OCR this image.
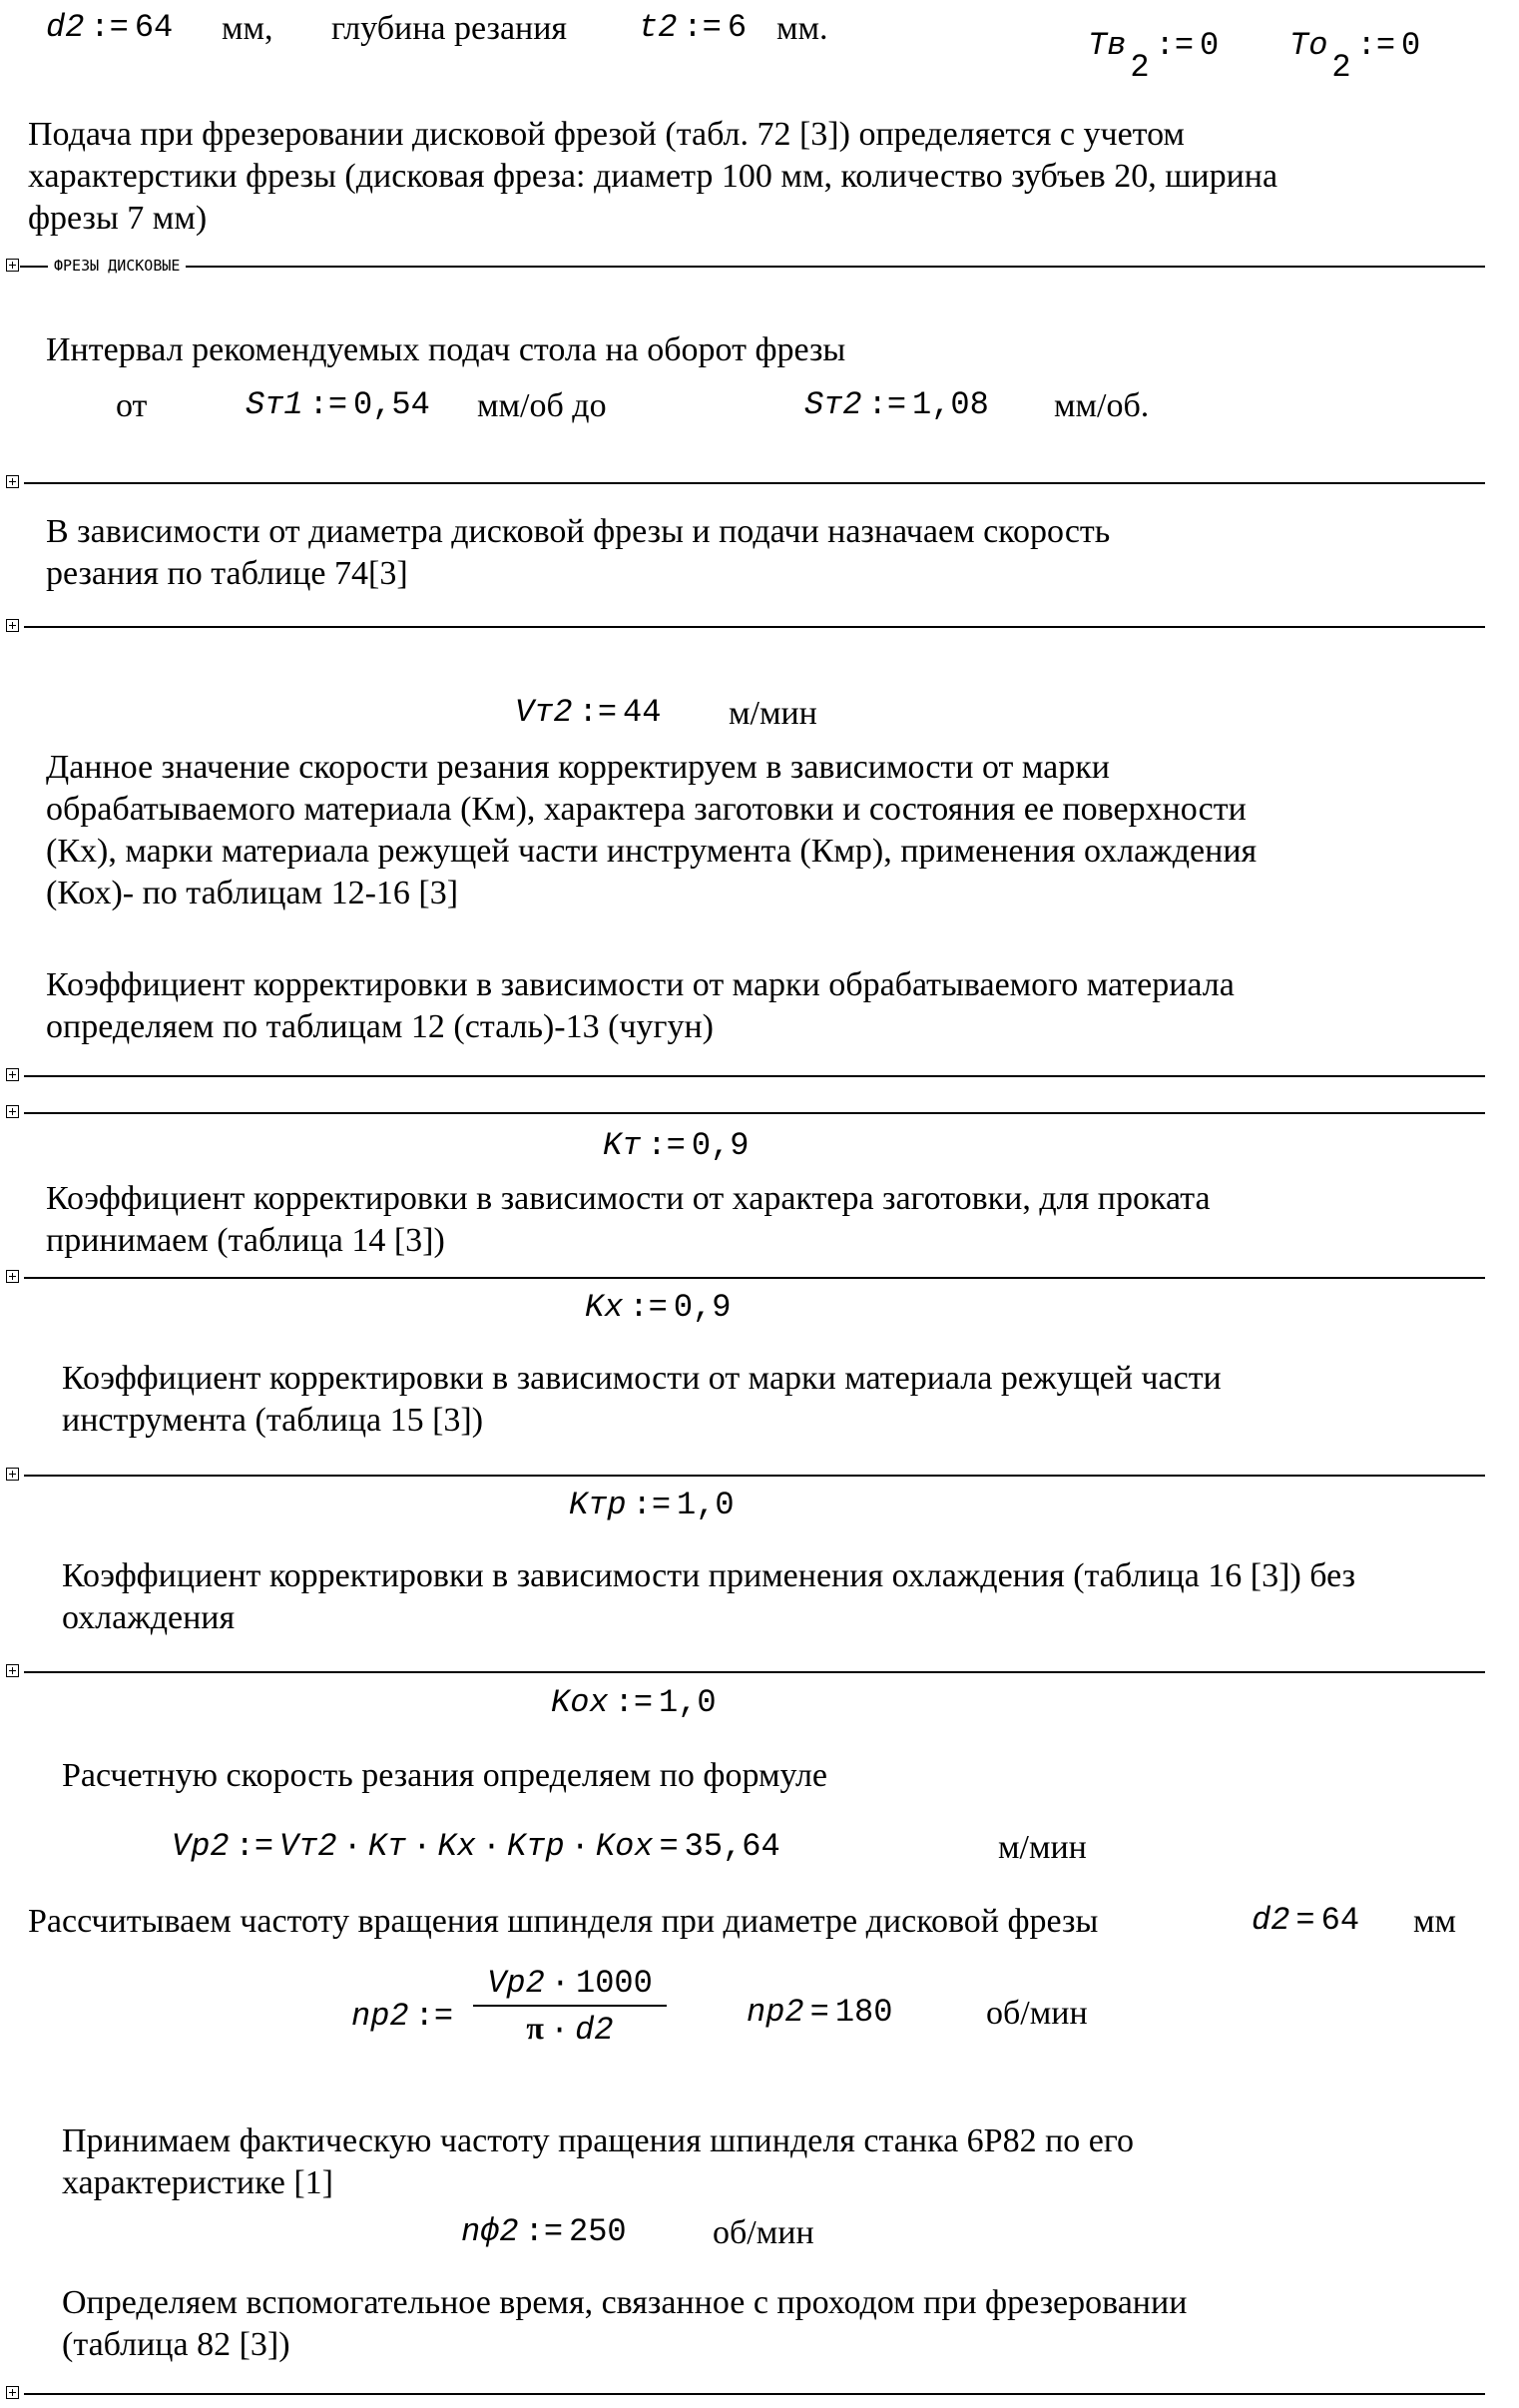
d2 := 64 мм, глубина резания t2 := 6 мм.	Tв2:= 0 To2:= 0
Подача при фрезеровании дисковой фрезой (табл. 72 [3]) определяется с учетом
характерстики фрезы (дисковая фреза: диаметр 100 мм, количество зубъев 20, ширина
фрезы 7 мм)
ФРЕЗЫ ДИСКОВЫЕ
Интервал рекомендуемых подач стола на оборот фрезы
от	Sт1 := 0,54 мм/об до	Sт2 := 1,08 мм/об.
В зависимости от диаметра дисковой фрезы и подачи назначаем скорость
резания по таблице 74[3]
Vт2 := 44 м/мин
Данное значение скорости резания корректируем в зависимости от марки
обрабатываемого материала (Км), характера заготовки и состояния ее поверхности
(Кх), марки материала режущей части инструмента (Кмр), применения охлаждения
(Кох)- по таблицам 12-16 [3]
Коэффициент корректировки в зависимости от марки обрабатываемого материала
определяем по таблицам 12 (сталь)-13 (чугун)
Kт := 0,9
Коэффициент корректировки в зависимости от характера заготовки, для проката
принимаем (таблица 14 [3])
Kx := 0,9
Коэффициент корректировки в зависимости от марки материала режущей части
инструмента (таблица 15 [3])
Kтр := 1,0
Коэффициент корректировки в зависимости применения охлаждения (таблица 16 [3]) без
охлаждения
Kox := 1,0
Расчетную скорость резания определяем по формуле
Vp2 := Vт2 · Kт · Kx · Kтр · Kox = 35,64	м/мин
Рассчитываем частоту вращения шпинделя при диаметре дисковой фрезы	d2 = 64 мм
np2 :=
Vp2 · 1000
π · d2	np2 = 180	об/мин
Принимаем фактическую частоту пращения шпинделя станка 6Р82 по его
характеристике [1]
nф2 := 250	об/мин
Определяем вспомогательное время, связанное с проходом при фрезеровании
(таблица 82 [3])
